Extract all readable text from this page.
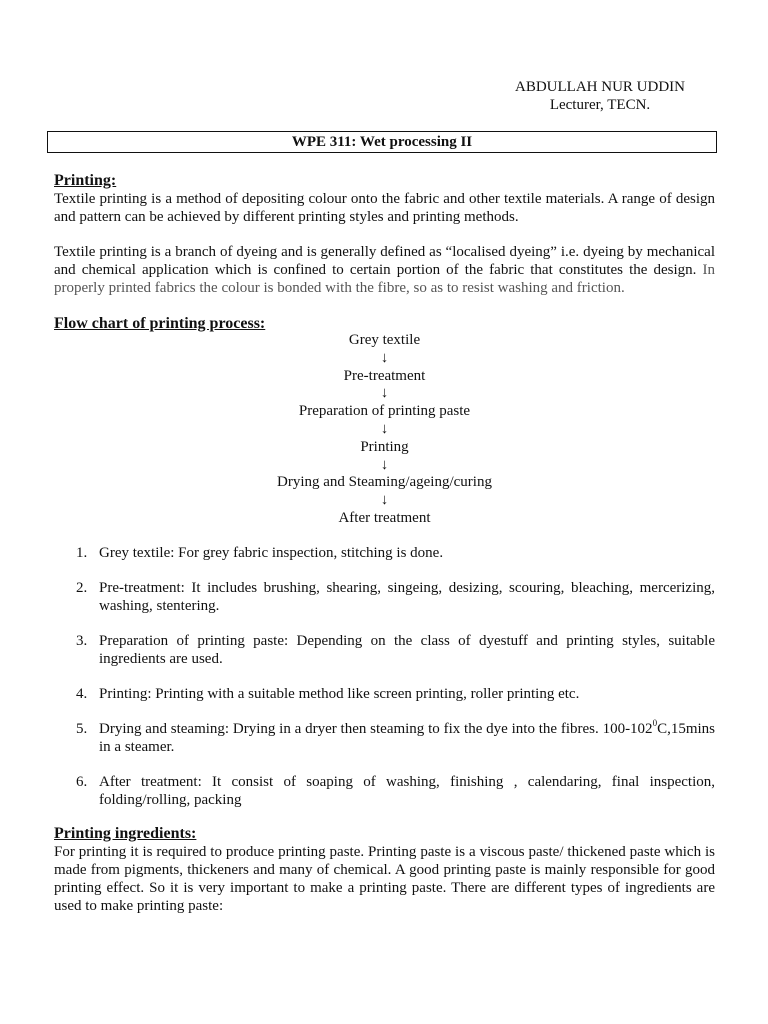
ABDULLAH NUR UDDIN
Lecturer, TECN.
WPE 311: Wet processing II
Printing:

Textile printing is a method of depositing colour onto the fabric and other textile materials. A range of design and pattern can be achieved by different printing styles and printing methods.

Textile printing is a branch of dyeing and is generally defined as “localised dyeing” i.e. dyeing by mechanical and chemical application which is confined to certain portion of the fabric that constitutes the design. In properly printed fabrics the colour is bonded with the fibre, so as to resist washing and friction.

Flow chart of printing process:
Grey textile
↓
Pre-treatment
↓
Preparation of printing paste
↓
Printing
↓
Drying and Steaming/ageing/curing
↓
After treatment
1. Grey textile: For grey fabric inspection, stitching is done.
2. Pre-treatment: It includes brushing, shearing, singeing, desizing, scouring, bleaching, mercerizing, washing, stentering.
3. Preparation of printing paste: Depending on the class of dyestuff and printing styles, suitable ingredients are used.
4. Printing: Printing with a suitable method like screen printing, roller printing etc.
5. Drying and steaming: Drying in a dryer then steaming to fix the dye into the fibres. $100-102^0C,15\min s$ in a steamer.
6. After treatment: It consist of soaping of washing, finishing , calendaring, final inspection, folding/rolling, packing
Printing ingredients:

For printing it is required to produce printing paste. Printing paste is a viscous paste/ thickened paste which is made from pigments, thickeners and many of chemical. A good printing paste is mainly responsible for good printing effect. So it is very important to make a printing paste. There are different types of ingredients are used to make printing paste:
